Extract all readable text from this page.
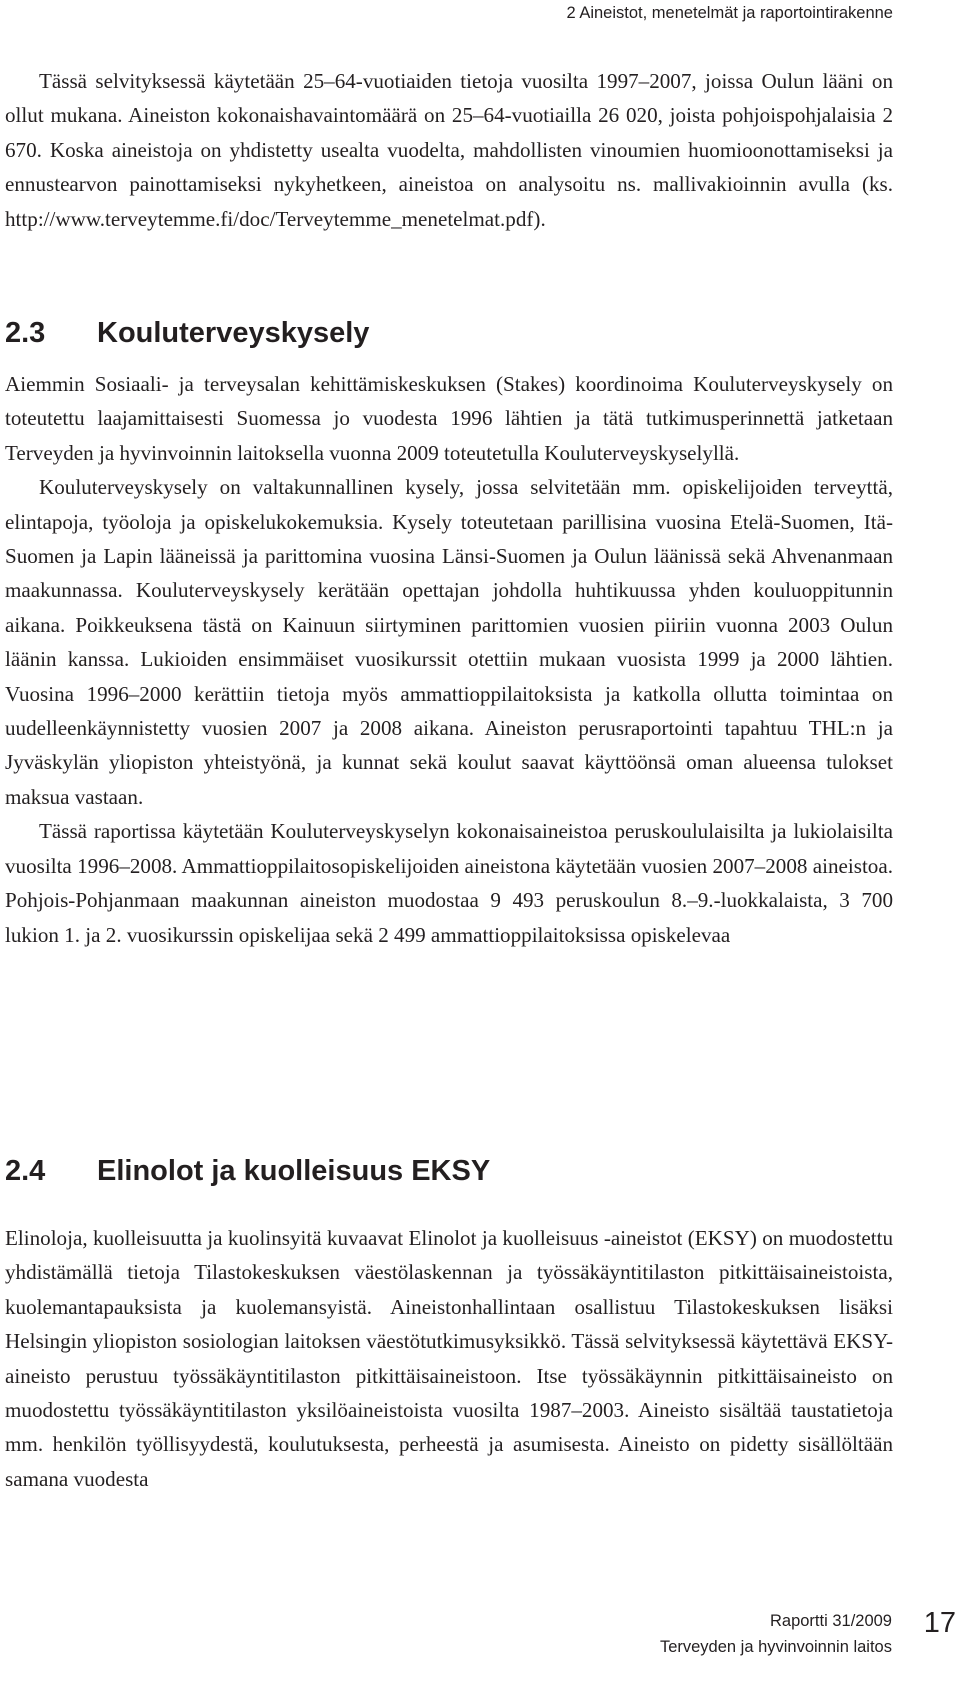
2 Aineistot, menetelmät ja raportointirakenne

Tässä selvityksessä käytetään 25–64-vuotiaiden tietoja vuosilta 1997–2007, joissa Oulun lääni on ollut mukana. Aineiston kokonaishavaintomäärä on 25–64-vuotiailla 26 020, joista pohjoispohjalaisia 2 670. Koska aineistoja on yhdistetty usealta vuodelta, mahdollisten vinoumien huomioonottamiseksi ja ennustearvon painottamiseksi nykyhetkeen, aineistoa on analysoitu ns. mallivakioinnin avulla (ks. http://www.terveytemme.fi/doc/Terveytemme_menetelmat.pdf).

2.3 Kouluterveyskysely

Aiemmin Sosiaali- ja terveysalan kehittämiskeskuksen (Stakes) koordinoima Kouluterveyskysely on toteutettu laajamittaisesti Suomessa jo vuodesta 1996 lähtien ja tätä tutkimusperinnettä jatketaan Terveyden ja hyvinvoinnin laitoksella vuonna 2009 toteutetulla Kouluterveyskyselyllä.

Kouluterveyskysely on valtakunnallinen kysely, jossa selvitetään mm. opiskelijoiden terveyttä, elintapoja, työoloja ja opiskelukokemuksia. Kysely toteutetaan parillisina vuosina Etelä-Suomen, Itä-Suomen ja Lapin lääneissä ja parittomina vuosina Länsi-Suomen ja Oulun läänissä sekä Ahvenanmaan maakunnassa. Kouluterveyskysely kerätään opettajan johdolla huhtikuussa yhden kouluoppitunnin aikana. Poikkeuksena tästä on Kainuun siirtyminen parittomien vuosien piiriin vuonna 2003 Oulun läänin kanssa. Lukioiden ensimmäiset vuosikurssit otettiin mukaan vuosista 1999 ja 2000 lähtien. Vuosina 1996–2000 kerättiin tietoja myös ammattioppilaitoksista ja katkolla ollutta toimintaa on uudelleenkäynnistetty vuosien 2007 ja 2008 aikana. Aineiston perusraportointi tapahtuu THL:n ja Jyväskylän yliopiston yhteistyönä, ja kunnat sekä koulut saavat käyttöönsä oman alueensa tulokset maksua vastaan.

Tässä raportissa käytetään Kouluterveyskyselyn kokonaisaineistoa peruskoululaisilta ja lukiolaisilta vuosilta 1996–2008. Ammattioppilaitosopiskelijoiden aineistona käytetään vuosien 2007–2008 aineistoa. Pohjois-Pohjanmaan maakunnan aineiston muodostaa 9 493 peruskoulun 8.–9.-luokkalaista, 3 700 lukion 1. ja 2. vuosikurssin opiskelijaa sekä 2 499 ammattioppilaitoksissa opiskelevaa

2.4 Elinolot ja kuolleisuus EKSY

Elinoloja, kuolleisuutta ja kuolinsyitä kuvaavat Elinolot ja kuolleisuus -aineistot (EKSY) on muodostettu yhdistämällä tietoja Tilastokeskuksen väestölaskennan ja työssäkäyntitilaston pitkittäisaineistoista, kuolemantapauksista ja kuolemansyistä. Aineistonhallintaan osallistuu Tilastokeskuksen lisäksi Helsingin yliopiston sosiologian laitoksen väestötutkimusyksikkö. Tässä selvityksessä käytettävä EKSY-aineisto perustuu työssäkäyntitilaston pitkittäisaineistoon. Itse työssäkäynnin pitkittäisaineisto on muodostettu työssäkäyntitilaston yksilöaineistoista vuosilta 1987–2003. Aineisto sisältää taustatietoja mm. henkilön työllisyydestä, koulutuksesta, perheestä ja asumisesta. Aineisto on pidetty sisällöltään samana vuodesta

Raportti 31/2009
Terveyden ja hyvinvoinnin laitos
17
